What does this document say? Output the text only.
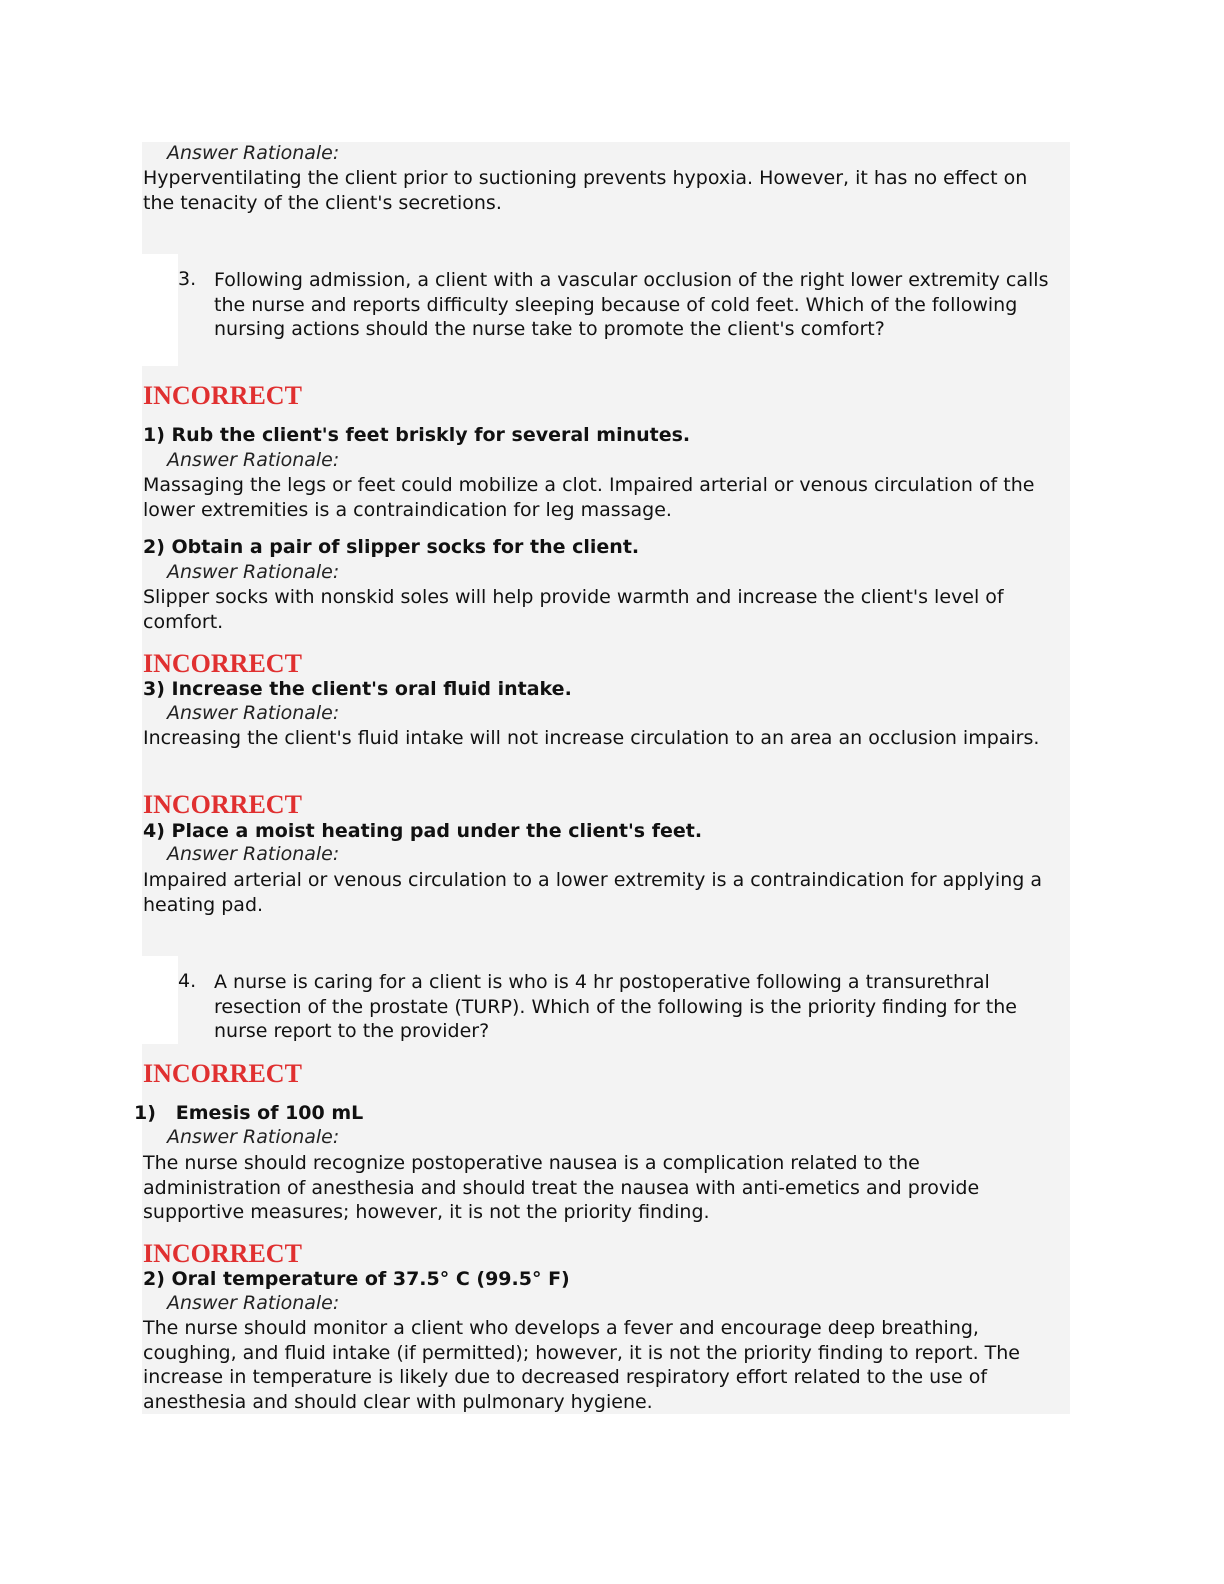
Answer Rationale:
Hyperventilating the client prior to suctioning prevents hypoxia. However, it has no effect on the tenacity of the client's secretions.
3. Following admission, a client with a vascular occlusion of the right lower extremity calls the nurse and reports difficulty sleeping because of cold feet. Which of the following nursing actions should the nurse take to promote the client's comfort?
INCORRECT
1) Rub the client's feet briskly for several minutes.
Answer Rationale:
Massaging the legs or feet could mobilize a clot. Impaired arterial or venous circulation of the lower extremities is a contraindication for leg massage.
2) Obtain a pair of slipper socks for the client.
Answer Rationale:
Slipper socks with nonskid soles will help provide warmth and increase the client's level of comfort.
INCORRECT
3) Increase the client's oral fluid intake.
Answer Rationale:
Increasing the client's fluid intake will not increase circulation to an area an occlusion impairs.
INCORRECT
4) Place a moist heating pad under the client's feet.
Answer Rationale:
Impaired arterial or venous circulation to a lower extremity is a contraindication for applying a heating pad.
4. A nurse is caring for a client is who is 4 hr postoperative following a transurethral resection of the prostate (TURP). Which of the following is the priority finding for the nurse report to the provider?
INCORRECT
1)   Emesis of 100 mL
Answer Rationale:
The nurse should recognize postoperative nausea is a complication related to the administration of anesthesia and should treat the nausea with anti-emetics and provide supportive measures; however, it is not the priority finding.
INCORRECT
2) Oral temperature of 37.5° C (99.5° F)
Answer Rationale:
The nurse should monitor a client who develops a fever and encourage deep breathing, coughing, and fluid intake (if permitted); however, it is not the priority finding to report. The increase in temperature is likely due to decreased respiratory effort related to the use of anesthesia and should clear with pulmonary hygiene.
